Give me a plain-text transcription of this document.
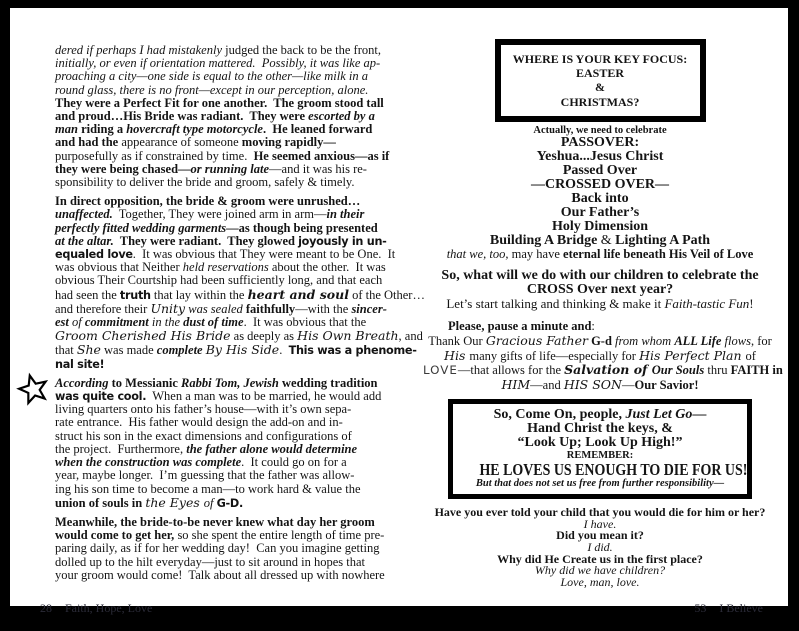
dered if perhaps I had mistakenly judged the back to be the front,
initially, or even if orientation mattered.  Possibly, it was like ap-
proaching a city—one side is equal to the other—like milk in a
round glass, there is no front—except in our perception, alone.
They were a Perfect Fit for one another.  The groom stood tall
and proud…His Bride was radiant.  They were escorted by a
man riding a hovercraft type motorcycle.  He leaned forward
and had the appearance of someone moving rapidly—
purposefully as if constrained by time.  He seemed anxious—as if
they were being chased—or running late—and it was his re-
sponsibility to deliver the bride and groom, safely & timely.
In direct opposition, the bride & groom were unrushed…
unaffected.  Together, They were joined arm in arm—in their
perfectly fitted wedding garments—as though being presented
at the altar.  They were radiant.  They glowed joyously in un-
equaled love.  It was obvious that They were meant to be One.  It
was obvious that Neither held reservations about the other.  It was
obvious Their Courtship had been sufficiently long, and that each
had seen the truth that lay within the heart and soul of the Other…
and therefore their Unity was sealed faithfully—with the sincer-
est of commitment in the dust of time.  It was obvious that the
Groom Cherished His Bride as deeply as His Own Breath, and
that She was made complete By His Side.  This was a phenome-
nal site!
According to Messianic Rabbi Tom, Jewish wedding tradition
was quite cool.  When a man was to be married, he would add
living quarters onto his father’s house—with it’s own sepa-
rate entrance.  His father would design the add-on and in-
struct his son in the exact dimensions and configurations of
the project.  Furthermore, the father alone would determine
when the construction was complete.  It could go on for a
year, maybe longer.  I’m guessing that the father was allow-
ing his son time to become a man—to work hard & value the
union of souls in the Eyes of G-D.
Meanwhile, the bride-to-be never knew what day her groom
would come to get her, so she spent the entire length of time pre-
paring daily, as if for her wedding day!  Can you imagine getting
dolled up to the hilt everyday—just to sit around in hopes that
your groom would come!  Talk about all dressed up with nowhere
WHERE IS YOUR KEY FOCUS:
EASTER
&
CHRISTMAS?
Actually, we need to celebrate
PASSOVER:
Yeshua...Jesus Christ
Passed Over
—CROSSED OVER—
Back into
Our Father’s
Holy Dimension
Building A Bridge & Lighting A Path
that we, too, may have eternal life beneath His Veil of Love
So, what will we do with our children to celebrate the
CROSS Over next year?
Let’s start talking and thinking & make it Faith-tastic Fun!
Please, pause a minute and:
Thank Our Gracious Father G-d from whom ALL Life flows, for
His many gifts of life—especially for His Perfect Plan of
LOVE—that allows for the Salvation of Our Souls thru FAITH in
HIM—and HIS SON—Our Savior!
So, Come On, people, Just Let Go—
Hand Christ the keys, &
“Look Up; Look Up High!”
REMEMBER:
HE LOVES US ENOUGH TO DIE FOR US!
But that does not set us free from further responsibility—
Have you ever told your child that you would die for him or her?
I have.
Did you mean it?
I did.
Why did He Create us in the first place?
Why did we have children?
Love, man, love.

28 Faith, Hope, Love
	53 I Believe
